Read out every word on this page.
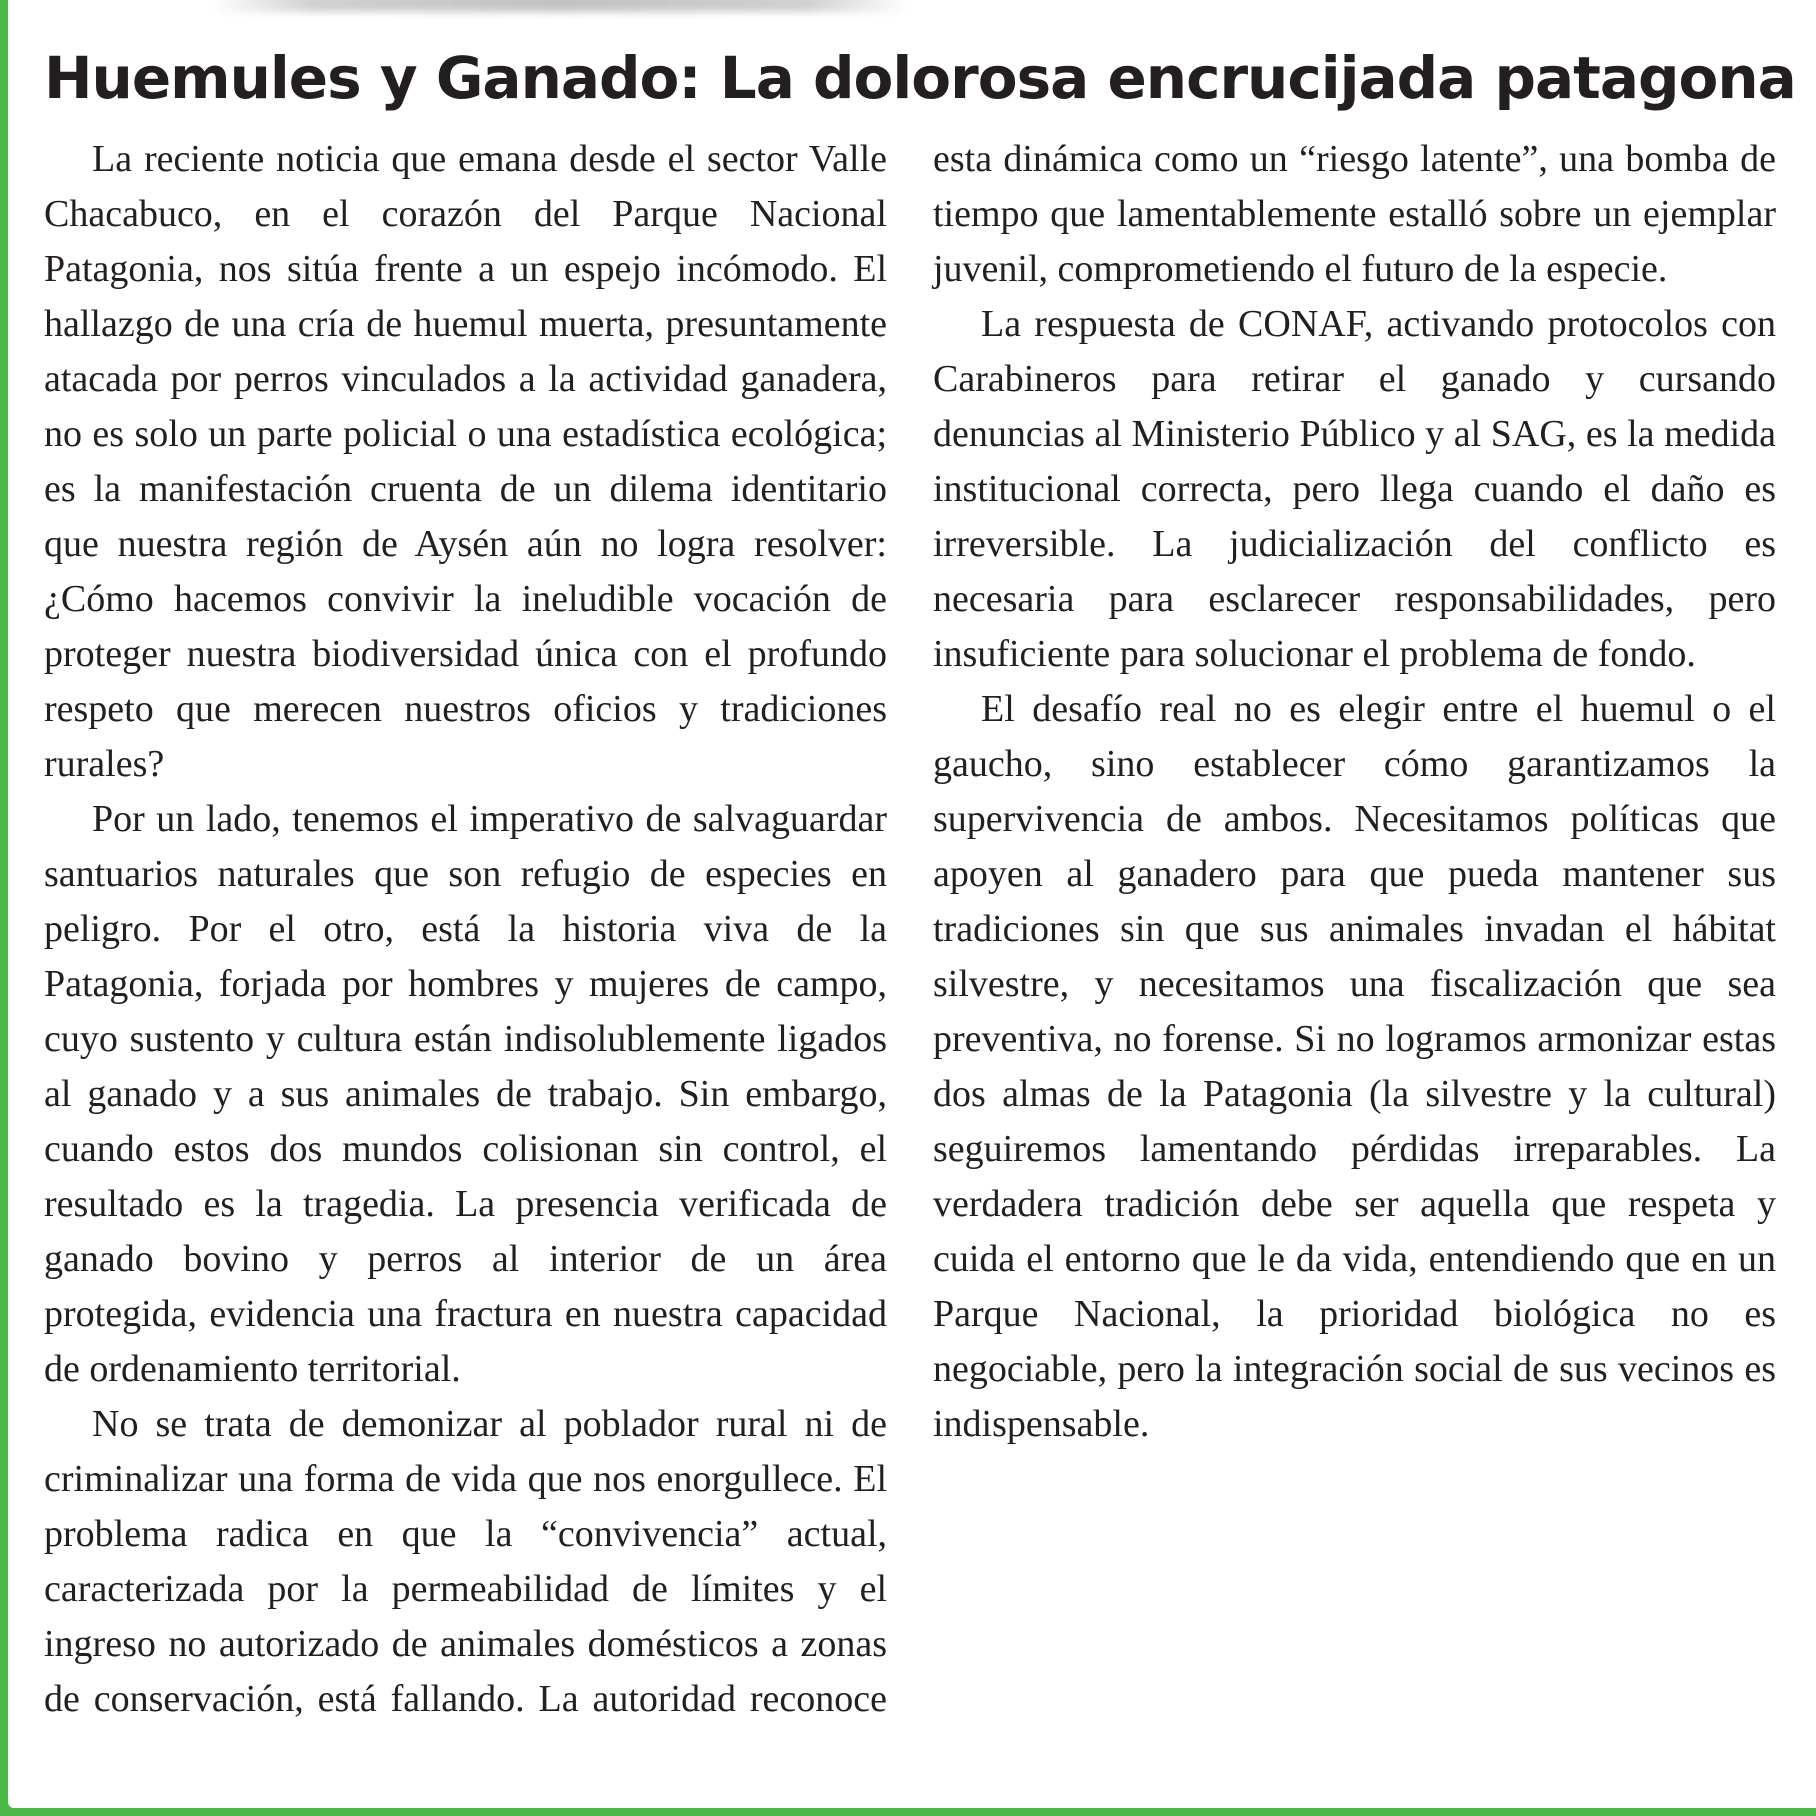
Huemules y Ganado: La dolorosa encrucijada patagona

La reciente noticia que emana desde el sector Valle Chacabuco, en el corazón del Parque Nacional Patagonia, nos sitúa frente a un espejo incómodo. El hallazgo de una cría de huemul muerta, presuntamente atacada por perros vinculados a la actividad ganadera, no es solo un parte policial o una estadística ecológica; es la manifestación cruenta de un dilema identitario que nuestra región de Aysén aún no logra resolver: ¿Cómo hacemos convivir la ineludible vocación de proteger nuestra biodiversidad única con el profundo respeto que merecen nuestros oficios y tradiciones rurales?

Por un lado, tenemos el imperativo de salvaguardar santuarios naturales que son refugio de especies en peligro. Por el otro, está la historia viva de la Patagonia, forjada por hombres y mujeres de campo, cuyo sustento y cultura están indisolublemente ligados al ganado y a sus animales de trabajo. Sin embargo, cuando estos dos mundos colisionan sin control, el resultado es la tragedia. La presencia verificada de ganado bovino y perros al interior de un área protegida, evidencia una fractura en nuestra capacidad de ordenamiento territorial.

No se trata de demonizar al poblador rural ni de criminalizar una forma de vida que nos enorgullece. El problema radica en que la “convivencia” actual, caracterizada por la permeabilidad de límites y el ingreso no autorizado de animales domésticos a zonas de conservación, está fallando. La autoridad reconoce esta dinámica como un “riesgo latente”, una bomba de tiempo que lamentablemente estalló sobre un ejemplar juvenil, comprometiendo el futuro de la especie.

La respuesta de CONAF, activando protocolos con Carabineros para retirar el ganado y cursando denuncias al Ministerio Público y al SAG, es la medida institucional correcta, pero llega cuando el daño es irreversible. La judicialización del conflicto es necesaria para esclarecer responsabilidades, pero insuficiente para solucionar el problema de fondo.

El desafío real no es elegir entre el huemul o el gaucho, sino establecer cómo garantizamos la supervivencia de ambos. Necesitamos políticas que apoyen al ganadero para que pueda mantener sus tradiciones sin que sus animales invadan el hábitat silvestre, y necesitamos una fiscalización que sea preventiva, no forense. Si no logramos armonizar estas dos almas de la Patagonia (la silvestre y la cultural) seguiremos lamentando pérdidas irreparables. La verdadera tradición debe ser aquella que respeta y cuida el entorno que le da vida, entendiendo que en un Parque Nacional, la prioridad biológica no es negociable, pero la integración social de sus vecinos es indispensable.
